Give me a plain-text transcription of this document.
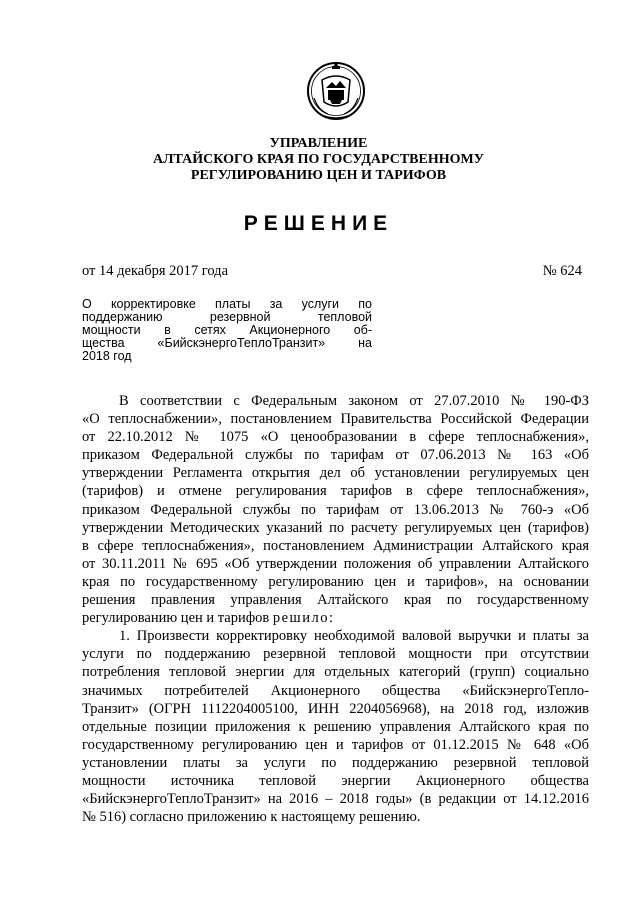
УПРАВЛЕНИЕ
АЛТАЙСКОГО КРАЯ ПО ГОСУДАРСТВЕННОМУ
РЕГУЛИРОВАНИЮ ЦЕН И ТАРИФОВ
РЕШЕНИЕ
от 14 декабря 2017 года	№ 624
О корректировке платы за услуги по
поддержанию резервной тепловой
мощности в сетях Акционерного об-
щества «БийскэнергоТеплоТранзит» на
2018 год
В соответствии с Федеральным законом от 27.07.2010 № 190-ФЗ
«О теплоснабжении», постановлением Правительства Российской Федерации
от 22.10.2012 № 1075 «О ценообразовании в сфере теплоснабжения»,
приказом Федеральной службы по тарифам от 07.06.2013 № 163 «Об
утверждении Регламента открытия дел об установлении регулируемых цен
(тарифов) и отмене регулирования тарифов в сфере теплоснабжения»,
приказом Федеральной службы по тарифам от 13.06.2013 № 760-э «Об
утверждении Методических указаний по расчету регулируемых цен (тарифов)
в сфере теплоснабжения», постановлением Администрации Алтайского края
от 30.11.2011 № 695 «Об утверждении положения об управлении Алтайского
края по государственному регулированию цен и тарифов», на основании
решения правления управления Алтайского края по государственному
регулированию цен и тарифов решило:
1. Произвести корректировку необходимой валовой выручки и платы за
услуги по поддержанию резервной тепловой мощности при отсутствии
потребления тепловой энергии для отдельных категорий (групп) социально
значимых потребителей Акционерного общества «БийскэнергоТепло-
Транзит» (ОГРН 1112204005100, ИНН 2204056968), на 2018 год, изложив
отдельные позиции приложения к решению управления Алтайского края по
государственному регулированию цен и тарифов от 01.12.2015 № 648 «Об
установлении платы за услуги по поддержанию резервной тепловой
мощности источника тепловой энергии Акционерного общества
«БийскэнергоТеплоТранзит» на 2016 – 2018 годы» (в редакции от 14.12.2016
№ 516) согласно приложению к настоящему решению.
